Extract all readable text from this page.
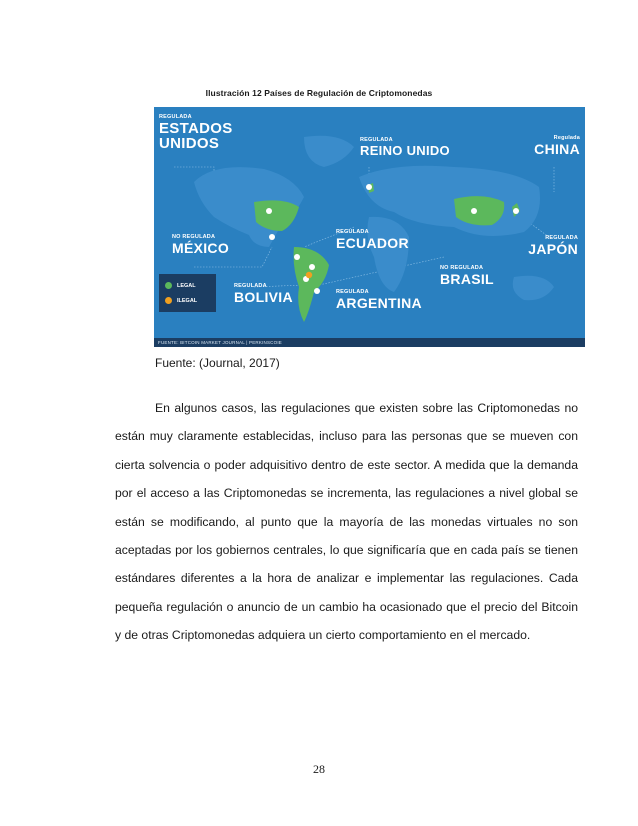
Ilustración 12 Países de Regulación de Criptomonedas
REGULADA
ESTADOS UNIDOS	REGULADA
REINO UNIDO
Regulada
CHINA
NO REGULADA
MÉXICO
REGULADA
ECUADOR	REGULADA
JAPÓN
NO REGULADA
BRASIL
REGULADA
BOLIVIA	REGULADA
ARGENTINA
LEGAL
ILEGAL
FUENTE: BITCOIN MARKET JOURNAL | PERKINSCOIE
Fuente: (Journal, 2017)

En algunos casos, las regulaciones que existen sobre las Criptomonedas no están muy claramente establecidas, incluso para las personas que se mueven con cierta solvencia o poder adquisitivo dentro de este sector. A medida que la demanda por el acceso a las Criptomonedas se incrementa, las regulaciones a nivel global se están se modificando, al punto que la mayoría de las monedas virtuales no son aceptadas por los gobiernos centrales, lo que significaría que en cada país se tienen estándares diferentes a la hora de analizar e implementar las regulaciones. Cada pequeña regulación o anuncio de un cambio ha ocasionado que el precio del Bitcoin y de otras Criptomonedas adquiera un cierto comportamiento en el mercado.

28
